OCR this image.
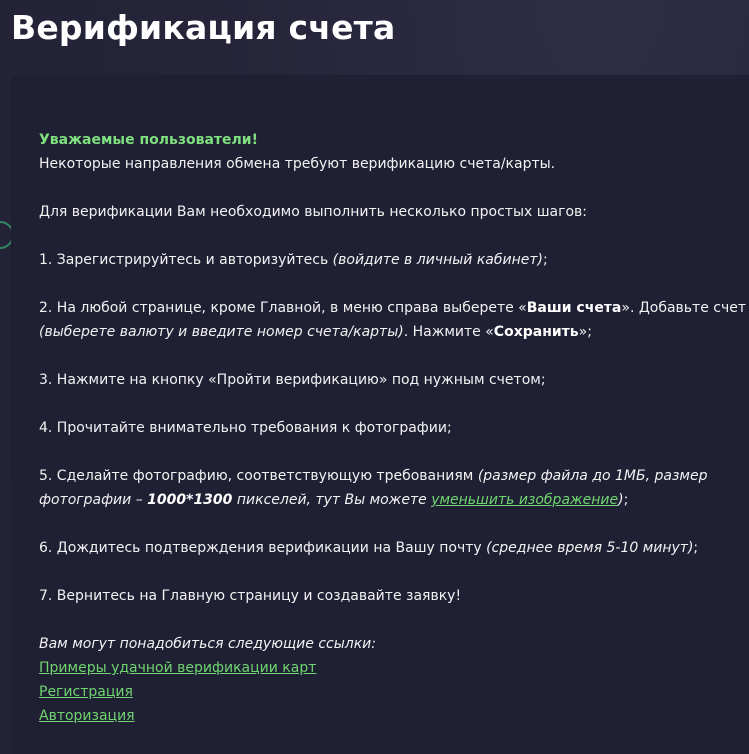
Верификация счета
Уважаемые пользователи!
Некоторые направления обмена требуют верификацию счета/карты.
Для верификации Вам необходимо выполнить несколько простых шагов:
1. Зарегистрируйтесь и авторизуйтесь (войдите в личный кабинет);
2. На любой странице, кроме Главной, в меню справа выберете «Ваши счета». Добавьте счет
(выберете валюту и введите номер счета/карты). Нажмите «Сохранить»;
3. Нажмите на кнопку «Пройти верификацию» под нужным счетом;
4. Прочитайте внимательно требования к фотографии;
5. Сделайте фотографию, соответствующую требованиям (размер файла до 1МБ, размер
фотографии – 1000*1300 пикселей, тут Вы можете уменьшить изображение);
6. Дождитесь подтверждения верификации на Вашу почту (среднее время 5-10 минут);
7. Вернитесь на Главную страницу и создавайте заявку!
Вам могут понадобиться следующие ссылки:
Примеры удачной верификации карт
Регистрация
Авторизация
